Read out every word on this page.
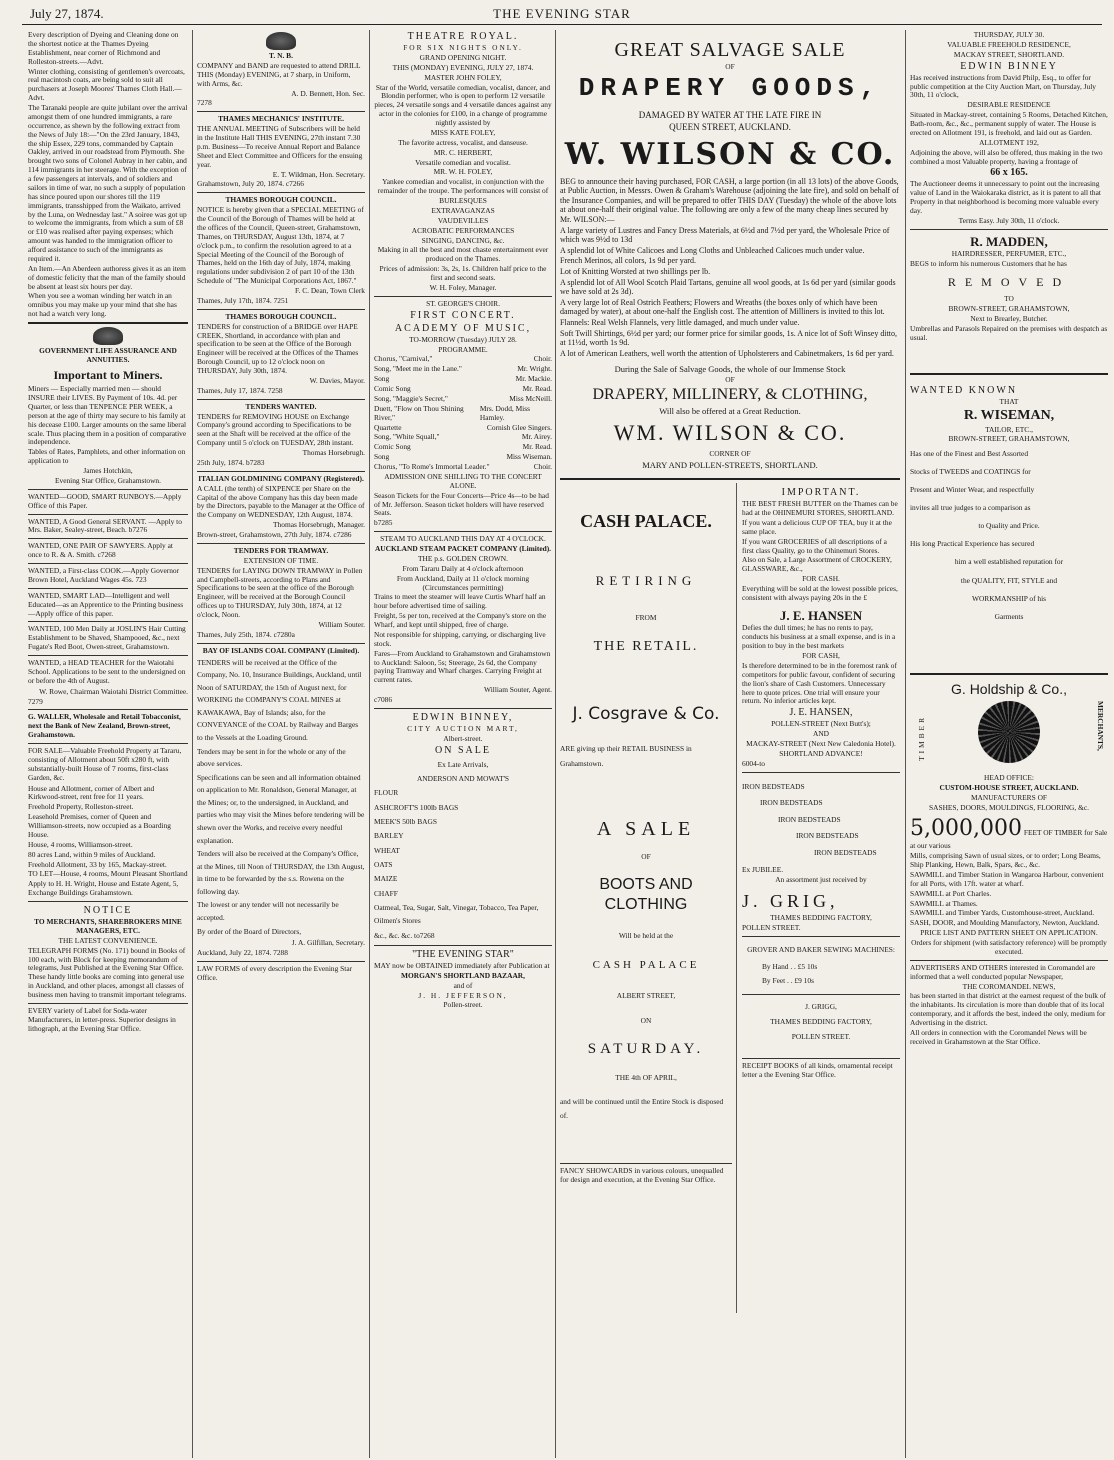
July 27, 1874.	THE EVENING STAR

Every description of Dyeing and Cleaning done on the shortest notice at the Thames Dyeing Establishment, near corner of Richmond and Rolleston-streets.—Advt.

Winter clothing, consisting of gentlemen's overcoats, real macintosh coats, are being sold to suit all purchasers at Joseph Moores' Thames Cloth Hall.—Advt.

The Taranaki people are quite jubilant over the arrival amongst them of one hundred immigrants, a rare occurrence, as shewn by the following extract from the News of July 18:—"On the 23rd January, 1843, the ship Essex, 229 tons, commanded by Captain Oakley, arrived in our roadstead from Plymouth. She brought two sons of Colonel Aubray in her cabin, and 114 immigrants in her steerage. With the exception of a few passengers at intervals, and of soldiers and sailors in time of war, no such a supply of population has since poured upon our shores till the 119 immigrants, transshipped from the Waikato, arrived by the Luna, on Wednesday last." A soiree was got up to welcome the immigrants, from which a sum of £8 or £10 was realised after paying expenses; which amount was handed to the immigration officer to afford assistance to such of the immigrants as required it.

An Item.—An Aberdeen authoress gives it as an item of domestic felicity that the man of the family should be absent at least six hours per day.

When you see a woman winding her watch in an omnibus you may make up your mind that she has not had a watch very long.

GOVERNMENT LIFE ASSURANCE AND ANNUITIES.

Important to Miners.

Miners — Especially married men — should INSURE their LIVES. By Payment of 10s. 4d. per Quarter, or less than TENPENCE PER WEEK, a person at the age of thirty may secure to his family at his decease £100. Larger amounts on the same liberal scale. Thus placing them in a position of comparative independence.

Tables of Rates, Pamphlets, and other information on application to

James Hotchkin,

Evening Star Office, Grahamstown.

WANTED—GOOD, SMART RUNBOYS.—Apply Office of this Paper.

WANTED, A Good General SERVANT. —Apply to Mrs. Baker, Sealey-street, Beach. b7276

WANTED, ONE PAIR OF SAWYERS. Apply at once to R. & A. Smith. c7268

WANTED, a First-class COOK.—Apply Governor Brown Hotel, Auckland Wages 45s. 723

WANTED, SMART LAD—Intelligent and well Educated—as an Apprentice to the Printing business—Apply office of this paper.

WANTED, 100 Men Daily at JOSLIN'S Hair Cutting Establishment to be Shaved, Shampooed, &c., next Fugate's Red Boot, Owen-street, Grahamstown.

WANTED, a HEAD TEACHER for the Waiotahi School. Applications to be sent to the undersigned on or before the 4th of August.

W. Rowe, Chairman Waiotahi District Committee.

7279

G. WALLER, Wholesale and Retail Tobacconist, next the Bank of New Zealand, Brown-street, Grahamstown.

FOR SALE—Valuable Freehold Property at Tararu, consisting of Allotment about 50ft x280 ft, with substantially-built House of 7 rooms, first-class Garden, &c.

House and Allotment, corner of Albert and Kirkwood-street, rent free for 11 years.

Freehold Property, Rolleston-street.

Leasehold Premises, corner of Queen and Williamson-streets, now occupied as a Boarding House.

House, 4 rooms, Williamson-street.

80 acres Land, within 9 miles of Auckland.

Freehold Allotment, 33 by 165, Mackay-street.

TO LET—House, 4 rooms, Mount Pleasant Shortland

Apply to H. H. Wright, House and Estate Agent, 5, Exchange Buildings Grahamstown.

NOTICE

TO MERCHANTS, SHAREBROKERS MINE MANAGERS, ETC.

THE LATEST CONVENIENCE.

TELEGRAPH FORMS (No. 171) bound in Books of 100 each, with Block for keeping memorandum of telegrams, Just Published at the Evening Star Office. These handy little books are coming into general use in Auckland, and other places, amongst all classes of business men having to transmit important telegrams.

EVERY variety of Label for Soda-water Manufacturers, in letter-press. Superior designs in lithograph, at the Evening Star Office.

T. N. B.

COMPANY and BAND are requested to attend DRILL THIS (Monday) EVENING, at 7 sharp, in Uniform, with Arms, &c.

A. D. Bennett, Hon. Sec.

7278

THAMES MECHANICS' INSTITUTE.

THE ANNUAL MEETING of Subscribers will be held in the Institute Hall THIS EVENING, 27th instant 7.30 p.m. Business—To receive Annual Report and Balance Sheet and Elect Committee and Officers for the ensuing year.

E. T. Wildman, Hon. Secretary.

Grahamstown, July 20, 1874. c7266

THAMES BOROUGH COUNCIL.

NOTICE is hereby given that a SPECIAL MEETING of the Council of the Borough of Thames will be held at the offices of the Council, Queen-street, Grahamstown, Thames, on THURSDAY, August 13th, 1874, at 7 o'clock p.m., to confirm the resolution agreed to at a Special Meeting of the Council of the Borough of Thames, held on the 16th day of July, 1874, making regulations under subdivision 2 of part 10 of the 13th Schedule of "The Municipal Corporations Act, 1867."

F. C. Dean, Town Clerk

Thames, July 17th, 1874. 7251

THAMES BOROUGH COUNCIL.

TENDERS for construction of a BRIDGE over HAPE CREEK, Shortland, in accordance with plan and specification to be seen at the Office of the Borough Engineer will be received at the Offices of the Thames Borough Council, up to 12 o'clock noon on THURSDAY, July 30th, 1874.

W. Davies, Mayor.

Thames, July 17, 1874. 7258

TENDERS WANTED.

TENDERS for REMOVING HOUSE on Exchange Company's ground according to Specifications to be seen at the Shaft will be received at the office of the Company until 5 o'clock on TUESDAY, 28th instant.

Thomas Horsebrugh.

25th July, 1874. b7283

ITALIAN GOLDMINING COMPANY (Registered).

A CALL (the tenth) of SIXPENCE per Share on the Capital of the above Company has this day been made by the Directors, payable to the Manager at the Office of the Company on WEDNESDAY, 12th August, 1874.

Thomas Horsebrugh, Manager.

Brown-street, Grahamstown, 27th July, 1874. c7286

TENDERS FOR TRAMWAY.

EXTENSION OF TIME.

TENDERS for LAYING DOWN TRAMWAY in Pollen and Campbell-streets, according to Plans and Specifications to be seen at the office of the Borough Engineer, will be received at the Borough Council offices up to THURSDAY, July 30th, 1874, at 12 o'clock, Noon.

William Souter.

Thames, July 25th, 1874. c7280a

BAY OF ISLANDS COAL COMPANY (Limited).

TENDERS will be received at the Office of the Company, No. 10, Insurance Buildings, Auckland, until Noon of SATURDAY, the 15th of August next, for WORKING the COMPANY'S COAL MINES at KAWAKAWA, Bay of Islands; also, for the CONVEYANCE of the COAL by Railway and Barges to the Vessels at the Loading Ground.

Tenders may be sent in for the whole or any of the above services.

Specifications can be seen and all information obtained on application to Mr. Ronaldson, General Manager, at the Mines; or, to the undersigned, in Auckland, and parties who may visit the Mines before tendering will be shewn over the Works, and receive every needful explanation.

Tenders will also be received at the Company's Office, at the Mines, till Noon of THURSDAY, the 13th August, in time to be forwarded by the s.s. Rowena on the following day.

The lowest or any tender will not necessarily be accepted.

By order of the Board of Directors,

J. A. Gilfillan, Secretary.

Auckland, July 22, 1874. 7288

LAW FORMS of every description the Evening Star Office.

THEATRE ROYAL.

FOR SIX NIGHTS ONLY.

GRAND OPENING NIGHT.

THIS (MONDAY) EVENING, JULY 27, 1874.

MASTER JOHN FOLEY,

Star of the World, versatile comedian, vocalist, dancer, and Blondin performer, who is open to perform 12 versatile pieces, 24 versatile songs and 4 versatile dances against any actor in the colonies for £100, in a change of programme nightly assisted by

MISS KATE FOLEY,

The favorite actress, vocalist, and danseuse.

MR. C. HERBERT,

Versatile comedian and vocalist.

MR. W. H. FOLEY,

Yankee comedian and vocalist, in conjunction with the remainder of the troupe. The performances will consist of

BURLESQUES

EXTRAVAGANZAS

VAUDEVILLES

ACROBATIC PERFORMANCES

SINGING, DANCING, &c.

Making in all the best and most chaste entertainment ever produced on the Thames.

Prices of admission: 3s, 2s, 1s. Children half price to the first and second seats.

W. H. Foley, Manager.

ST. GEORGE'S CHOIR.

FIRST CONCERT.

ACADEMY OF MUSIC,

TO-MORROW (Tuesday) JULY 28.

PROGRAMME.

Chorus, "Carnival,"	Choir.

Song, "Meet me in the Lane."	Mr. Wright.

Song	Mr. Mackie.

Comic Song	Mr. Read.

Song, "Maggie's Secret,"	Miss McNeill.

Duett, "Flow on Thou Shining River,"
Mrs. Dodd, Miss Hamley.

Quartette	Cornish Glee Singers.

Song, "White Squall,"	Mr. Airey.

Comic Song	Mr. Read.

Song	Miss Wiseman.

Chorus, "To Rome's Immortal Leader."	Choir.

ADMISSION ONE SHILLING TO THE CONCERT ALONE.

Season Tickets for the Four Concerts—Price 4s—to be had of Mr. Jefferson. Season ticket holders will have reserved Seats.

b7285

STEAM TO AUCKLAND THIS DAY AT 4 O'CLOCK.

AUCKLAND STEAM PACKET COMPANY (Limited).

THE p.s. GOLDEN CROWN.

From Tararu Daily at 4 o'clock afternoon

From Auckland, Daily at 11 o'clock morning (Circumstances permitting)

Trains to meet the steamer will leave Curtis Wharf half an hour before advertised time of sailing.

Freight, 5s per ton, received at the Company's store on the Wharf, and kept until shipped, free of charge.

Not responsible for shipping, carrying, or discharging live stock.

Fares—From Auckland to Grahamstown and Grahamstown to Auckland: Saloon, 5s; Steerage, 2s 6d, the Company paying Tramway and Wharf charges. Carrying Freight at current rates.

William Souter, Agent.

c7086

EDWIN BINNEY,

CITY AUCTION MART,

Albert-street.

ON SALE

Ex Late Arrivals,

ANDERSON AND MOWAT'S

FLOUR

ASHCROFT'S 100lb BAGS

MEEK'S 50lb BAGS

BARLEY

WHEAT

OATS

MAIZE

CHAFF

Oatmeal, Tea, Sugar, Salt, Vinegar, Tobacco, Tea Paper, Oilmen's Stores

&c., &c. &c. to7268

"THE EVENING STAR"

MAY now be OBTAINED immediately after Publication at

MORGAN'S SHORTLAND BAZAAR,

and of

J. H. JEFFERSON,

Pollen-street.

GREAT SALVAGE SALE

OF

DRAPERY GOODS,

DAMAGED BY WATER AT THE LATE FIRE IN

QUEEN STREET, AUCKLAND.

W. WILSON & CO.

BEG to announce their having purchased, FOR CASH, a large portion (in all 13 lots) of the above Goods, at Public Auction, in Messrs. Owen & Graham's Warehouse (adjoining the late fire), and sold on behalf of the Insurance Companies, and will be prepared to offer THIS DAY (Tuesday) the whole of the above lots at about one-half their original value. The following are only a few of the many cheap lines secured by Mr. WILSON:—

A large variety of Lustres and Fancy Dress Materials, at 6½d and 7½d per yard, the Wholesale Price of which was 9½d to 13d

A splendid lot of White Calicoes and Long Cloths and Unbleached Calicoes much under value.

French Merinos, all colors, 1s 9d per yard.

Lot of Knitting Worsted at two shillings per lb.

A splendid lot of All Wool Scotch Plaid Tartans, genuine all wool goods, at 1s 6d per yard (similar goods we have sold at 2s 3d).

A very large lot of Real Ostrich Feathers; Flowers and Wreaths (the boxes only of which have been damaged by water), at about one-half the English cost. The attention of Milliners is invited to this lot.

Flannels: Real Welsh Flannels, very little damaged, and much under value.

Soft Twill Shirtings, 6½d per yard; our former price for similar goods, 1s. A nice lot of Soft Winsey ditto, at 11½d, worth 1s 9d.

A lot of American Leathers, well worth the attention of Upholsterers and Cabinetmakers, 1s 6d per yard.

During the Sale of Salvage Goods, the whole of our Immense Stock

OF

DRAPERY, MILLINERY, & CLOTHING,

Will also be offered at a Great Reduction.

WM. WILSON & CO.

CORNER OF

MARY AND POLLEN-STREETS, SHORTLAND.

CASH PALACE.

RETIRING

FROM

THE RETAIL.

J. Cosgrave & Co.

ARE giving up their RETAIL BUSINESS in Grahamstown.

A SALE

OF

BOOTS AND CLOTHING

Will be held at the

CASH PALACE

ALBERT STREET,

ON

SATURDAY.

THE 4th OF APRIL,

and will be continued until the Entire Stock is disposed of.

FANCY SHOWCARDS in various colours, unequalled for design and execution, at the Evening Star Office.

IMPORTANT.

THE BEST FRESH BUTTER on the Thames can be had at the OHINEMURI STORES, SHORTLAND.

If you want a delicious CUP OF TEA, buy it at the same place.

If you want GROCERIES of all descriptions of a first class Quality, go to the Ohinemuri Stores.

Also on Sale, a Large Assortment of CROCKERY, GLASSWARE, &c.,

FOR CASH.

Everything will be sold at the lowest possible prices, consistent with always paying 20s in the £

J. E. HANSEN

Defies the dull times; he has no rents to pay, conducts his business at a small expense, and is in a position to buy in the best markets

FOR CASH,

Is therefore determined to be in the foremost rank of competitors for public favour, confident of securing the lion's share of Cash Customers. Unnecessary here to quote prices. One trial will ensure your return. No inferior articles kept.

J. E. HANSEN,

POLLEN-STREET (Next Butt's);

AND

MACKAY-STREET (Next New Caledonia Hotel).

SHORTLAND ADVANCE!

6004-to

IRON BEDSTEADS

IRON BEDSTEADS

IRON BEDSTEADS

IRON BEDSTEADS

IRON BEDSTEADS

Ex JUBILEE.

An assortment just received by

J. GRIG,

THAMES BEDDING FACTORY,

POLLEN STREET.

GROVER AND BAKER SEWING MACHINES:

By Hand . . £5 10s

By Feet . . £9 10s

J. GRIGG,

THAMES BEDDING FACTORY,

POLLEN STREET.

RECEIPT BOOKS of all kinds, ornamental receipt letter a the Evening Star Office.

THURSDAY, JULY 30.

VALUABLE FREEHOLD RESIDENCE,

MACKAY STREET, SHORTLAND.

EDWIN BINNEY

Has received instructions from David Philp, Esq., to offer for public competition at the City Auction Mart, on Thursday, July 30th, 11 o'clock,

DESIRABLE RESIDENCE

Situated in Mackay-street, containing 5 Rooms, Detached Kitchen, Bath-room, &c., &c., permanent supply of water. The House is erected on Allotment 191, is freehold, and laid out as Garden.

ALLOTMENT 192,

Adjoining the above, will also be offered, thus making in the two combined a most Valuable property, having a frontage of

66 x 165.

The Auctioneer deems it unnecessary to point out the increasing value of Land in the Waiokaraka district, as it is patent to all that Property in that neighborhood is becoming more valuable every day.

Terms Easy. July 30th, 11 o'clock.

R. MADDEN,

HAIRDRESSER, PERFUMER, ETC.,

BEGS to inform his numerous Customers that he has

REMOVED

TO

BROWN-STREET, GRAHAMSTOWN,

Next to Brearley, Butcher.

Umbrellas and Parasols Repaired on the premises with despatch as usual.

WANTED KNOWN

THAT

R. WISEMAN,

TAILOR, ETC.,

BROWN-STREET, GRAHAMSTOWN,

Has one of the Finest and Best Assorted

Stocks of TWEEDS and COATINGS for

Present and Winter Wear, and respectfully

invites all true judges to a comparison as

to Quality and Price.

His long Practical Experience has secured

him a well established reputation for

the QUALITY, FIT, STYLE and

WORKMANSHIP of his

Garments

G. Holdship & Co.,

TIMBER	MERCHANTS,

HEAD OFFICE:

CUSTOM-HOUSE STREET, AUCKLAND.

MANUFACTURERS OF

SASHES, DOORS, MOULDINGS, FLOORING, &c.

5,000,000 FEET OF TIMBER for Sale at our various

Mills, comprising Sawn of usual sizes, or to order; Long Beams, Ship Planking, Hewn, Balk, Spars, &c., &c.

SAWMILL and Timber Station in Wangaroa Harbour, convenient for all Ports, with 17ft. water at wharf.

SAWMILL at Port Charles.

SAWMILL at Thames.

SAWMILL and Timber Yards, Customhouse-street, Auckland.

SASH, DOOR, and Moulding Manufactory, Newton, Auckland.

PRICE LIST AND PATTERN SHEET ON APPLICATION.

Orders for shipment (with satisfactory reference) will be promptly executed.

ADVERTISERS AND OTHERS interested in Coromandel are informed that a well conducted popular Newspaper,

THE COROMANDEL NEWS,

has been started in that district at the earnest request of the bulk of the inhabitants. Its circulation is more than double that of its local contemporary, and it affords the best, indeed the only, medium for Advertising in the district.

All orders in connection with the Coromandel News will be received in Grahamstown at the Star Office.
